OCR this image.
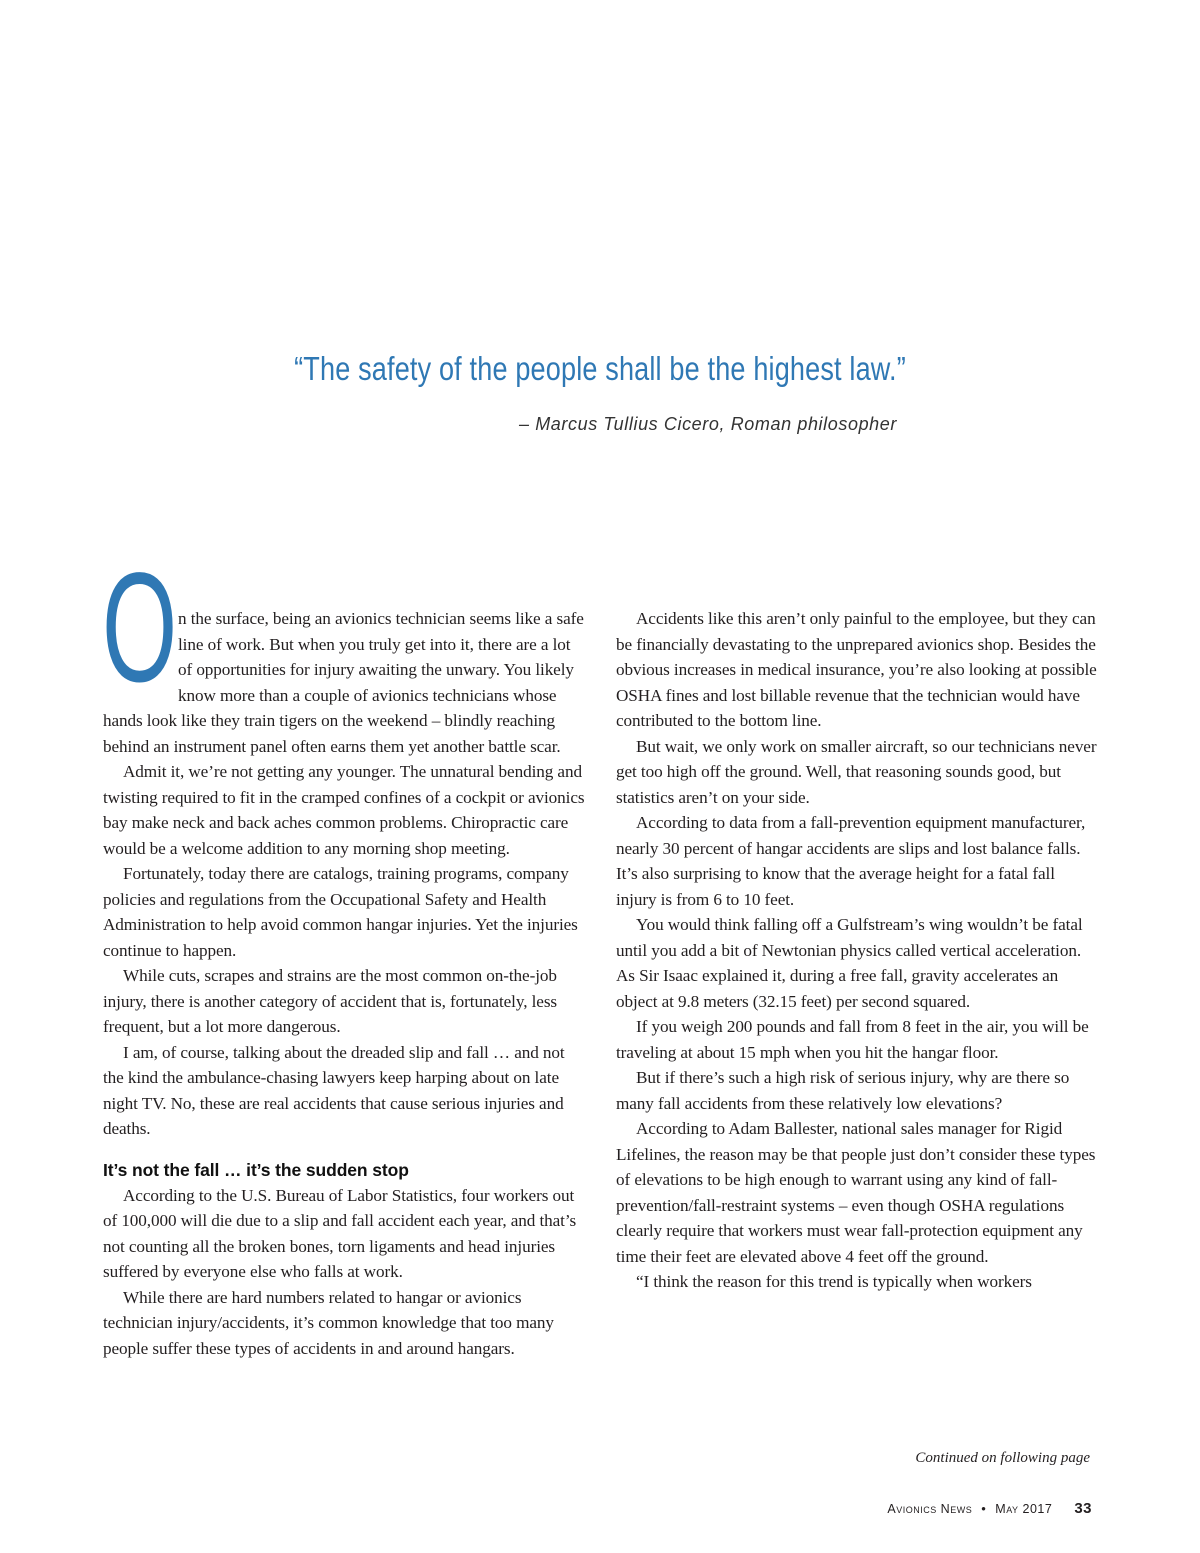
“The safety of the people shall be the highest law.”
– Marcus Tullius Cicero, Roman philosopher

On the surface, being an avionics technician seems like a safe line of work. But when you truly get into it, there are a lot of opportunities for injury awaiting the unwary. You likely know more than a couple of avionics technicians whose hands look like they train tigers on the weekend – blindly reaching behind an instrument panel often earns them yet another battle scar.

Admit it, we’re not getting any younger. The unnatural bending and twisting required to fit in the cramped confines of a cockpit or avionics bay make neck and back aches common problems. Chiropractic care would be a welcome addition to any morning shop meeting.

Fortunately, today there are catalogs, training programs, company policies and regulations from the Occupational Safety and Health Administration to help avoid common hangar injuries. Yet the injuries continue to happen.

While cuts, scrapes and strains are the most common on-the-job injury, there is another category of accident that is, fortunately, less frequent, but a lot more dangerous.

I am, of course, talking about the dreaded slip and fall … and not the kind the ambulance-chasing lawyers keep harping about on late night TV. No, these are real accidents that cause serious injuries and deaths.

It’s not the fall … it’s the sudden stop

According to the U.S. Bureau of Labor Statistics, four workers out of 100,000 will die due to a slip and fall accident each year, and that’s not counting all the broken bones, torn ligaments and head injuries suffered by everyone else who falls at work.

While there are hard numbers related to hangar or avionics technician injury/accidents, it’s common knowledge that too many people suffer these types of accidents in and around hangars.

Accidents like this aren’t only painful to the employee, but they can be financially devastating to the unprepared avionics shop. Besides the obvious increases in medical insurance, you’re also looking at possible OSHA fines and lost billable revenue that the technician would have contributed to the bottom line.

But wait, we only work on smaller aircraft, so our technicians never get too high off the ground. Well, that reasoning sounds good, but statistics aren’t on your side.

According to data from a fall-prevention equipment manufacturer, nearly 30 percent of hangar accidents are slips and lost balance falls. It’s also surprising to know that the average height for a fatal fall injury is from 6 to 10 feet.

You would think falling off a Gulfstream’s wing wouldn’t be fatal until you add a bit of Newtonian physics called vertical acceleration. As Sir Isaac explained it, during a free fall, gravity accelerates an object at 9.8 meters (32.15 feet) per second squared.

If you weigh 200 pounds and fall from 8 feet in the air, you will be traveling at about 15 mph when you hit the hangar floor.

But if there’s such a high risk of serious injury, why are there so many fall accidents from these relatively low elevations?

According to Adam Ballester, national sales manager for Rigid Lifelines, the reason may be that people just don’t consider these types of elevations to be high enough to warrant using any kind of fall-prevention/fall-restraint systems – even though OSHA regulations clearly require that workers must wear fall-protection equipment any time their feet are elevated above 4 feet off the ground.

“I think the reason for this trend is typically when workers

Continued on following page
Avionics News • May 2017 33
